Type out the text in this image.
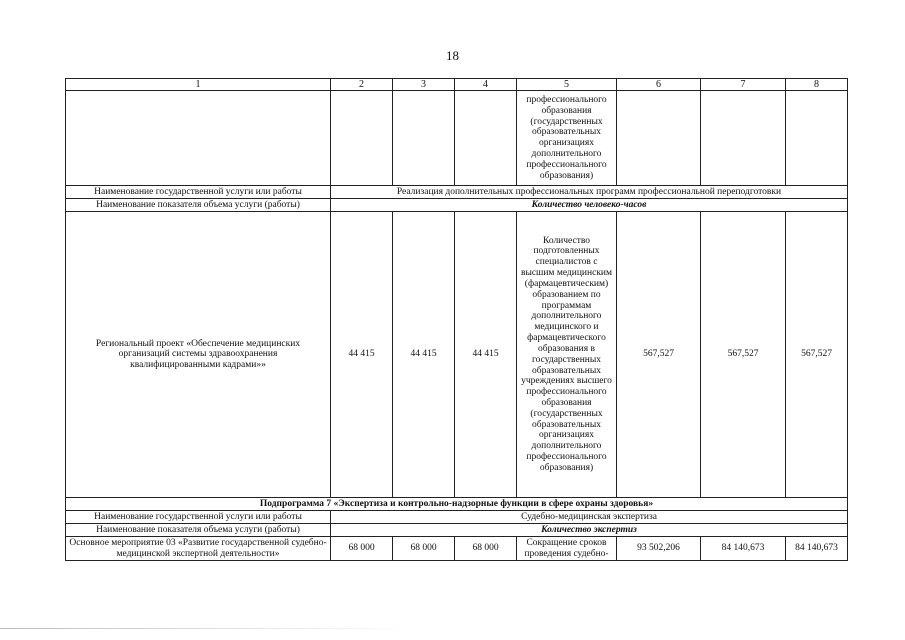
18
1	2	3	4	5	6	7	8
				профессионального образования (государственных образовательных организациях дополнительного профессионального образования)			
Наименование государственной услуги или работы	Реализация дополнительных профессиональных программ профессиональной переподготовки						
Наименование показателя объема услуги (работы)	Количество человеко-часов						
Региональный проект «Обеспечение медицинских организаций системы здравоохранения квалифицированными кадрами»»	44 415	44 415	44 415	Количество подготовленных специалистов с высшим медицинским (фармацевтическим) образованием по программам дополнительного медицинского и фармацевтического образования в государственных образовательных учреждениях высшего профессионального образования (государственных образовательных организациях дополнительного профессионального образования)	567,527	567,527	567,527
Подпрограмма 7 «Экспертиза и контрольно-надзорные функции в сфере охраны здоровья»							
Наименование государственной услуги или работы	Судебно-медицинская экспертиза						
Наименование показателя объема услуги (работы)	Количество экспертиз						
Основное мероприятие 03 «Развитие государственной судебно-медицинской экспертной деятельности»	68 000	68 000	68 000	Сокращение сроков проведения судебно-	93 502,206	84 140,673	84 140,673
